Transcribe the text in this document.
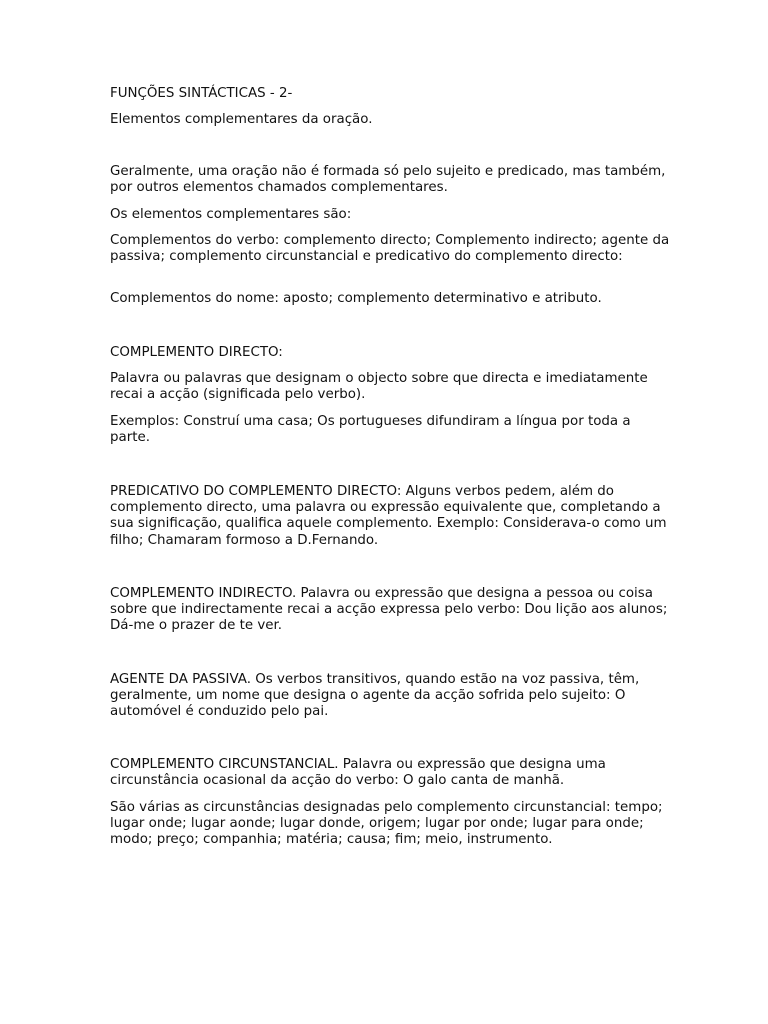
FUNÇÕES SINTÁCTICAS - 2-

Elementos complementares da oração.

Geralmente, uma oração não é formada só pelo sujeito e predicado, mas também, por outros elementos chamados complementares.

Os elementos complementares são:

Complementos do verbo: complemento directo; Complemento indirecto; agente da passiva; complemento circunstancial e predicativo do complemento directo:

Complementos do nome: aposto; complemento determinativo e atributo.

COMPLEMENTO DIRECTO:

Palavra ou palavras que designam o objecto sobre que directa e imediatamente recai a acção (significada pelo verbo).

Exemplos: Construí uma casa; Os portugueses difundiram a língua por toda a parte.

PREDICATIVO DO COMPLEMENTO DIRECTO: Alguns verbos pedem, além do complemento directo, uma palavra ou expressão equivalente que, completando a sua significação, qualifica aquele complemento. Exemplo: Considerava-o como um filho; Chamaram formoso a D.Fernando.

COMPLEMENTO INDIRECTO. Palavra ou expressão que designa a pessoa ou coisa sobre que indirectamente recai a acção expressa pelo verbo: Dou lição aos alunos; Dá-me o prazer de te ver.

AGENTE DA PASSIVA. Os verbos transitivos, quando estão na voz passiva, têm, geralmente, um nome que designa o agente da acção sofrida pelo sujeito: O automóvel é conduzido pelo pai.

COMPLEMENTO CIRCUNSTANCIAL. Palavra ou expressão que designa uma circunstância ocasional da acção do verbo: O galo canta de manhã.

São várias as circunstâncias designadas pelo complemento circunstancial: tempo; lugar onde; lugar aonde; lugar donde, origem; lugar por onde; lugar para onde; modo; preço; companhia; matéria; causa; fim; meio, instrumento.
